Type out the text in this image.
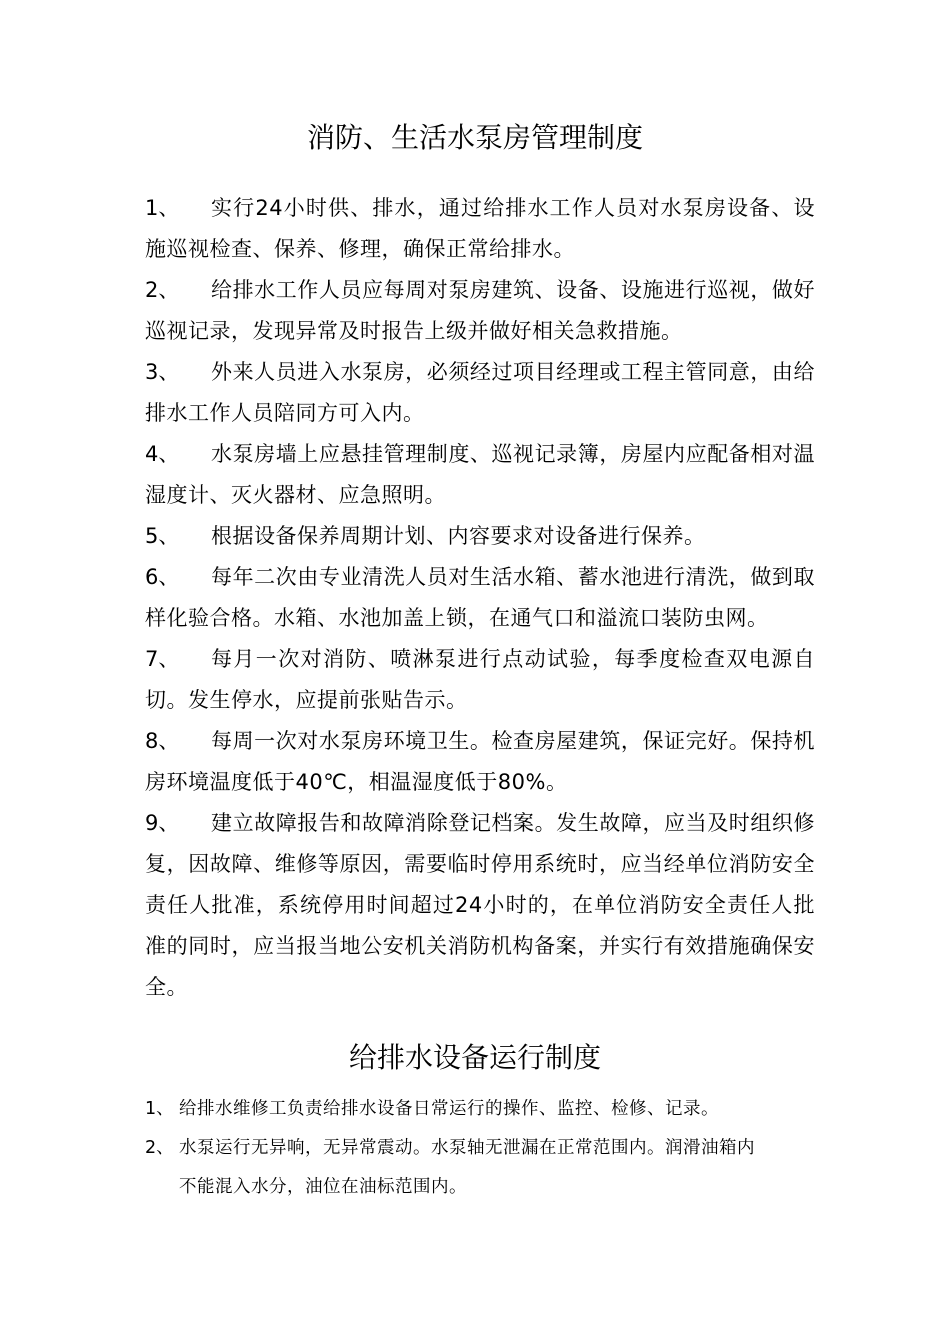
消防、生活水泵房管理制度

1、	实行24小时供、排水，通过给排水工作人员对水泵房设备、设施巡视检查、保养、修理，确保正常给排水。

2、	给排水工作人员应每周对泵房建筑、设备、设施进行巡视，做好巡视记录，发现异常及时报告上级并做好相关急救措施。

3、	外来人员进入水泵房，必须经过项目经理或工程主管同意，由给排水工作人员陪同方可入内。

4、	水泵房墙上应悬挂管理制度、巡视记录簿，房屋内应配备相对温湿度计、灭火器材、应急照明。

5、	根据设备保养周期计划、内容要求对设备进行保养。

6、	每年二次由专业清洗人员对生活水箱、蓄水池进行清洗，做到取样化验合格。水箱、水池加盖上锁，在通气口和溢流口装防虫网。

7、	每月一次对消防、喷淋泵进行点动试验，每季度检查双电源自切。发生停水，应提前张贴告示。

8、	每周一次对水泵房环境卫生。检查房屋建筑，保证完好。保持机房环境温度低于40℃，相温湿度低于80%。

9、	建立故障报告和故障消除登记档案。发生故障，应当及时组织修复，因故障、维修等原因，需要临时停用系统时，应当经单位消防安全责任人批准，系统停用时间超过24小时的，在单位消防安全责任人批准的同时，应当报当地公安机关消防机构备案，并实行有效措施确保安全。

给排水设备运行制度

1、 给排水维修工负责给排水设备日常运行的操作、监控、检修、记录。

2、 水泵运行无异响，无异常震动。水泵轴无泄漏在正常范围内。润滑油箱内
不能混入水分，油位在油标范围内。
